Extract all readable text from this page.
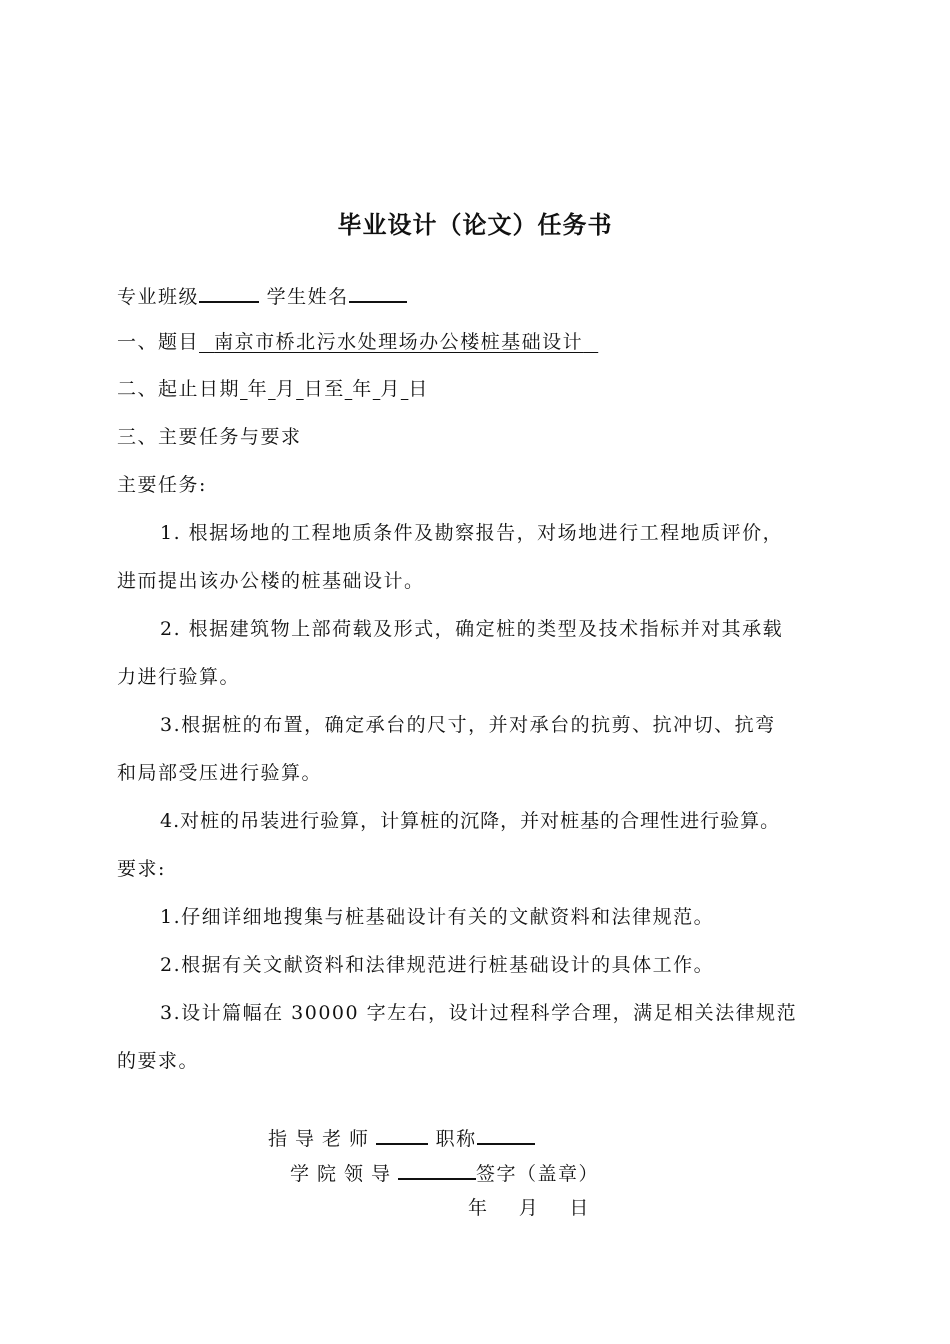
毕业设计（论文）任务书
专业班级	学生姓名
一、题目 南京市桥北污水处理场办公楼桩基础设计
二、起止日期 年 月 日至 年 月 日
三、主要任务与要求
主要任务:
1. 根据场地的工程地质条件及勘察报告，对场地进行工程地质评价，
进而提出该办公楼的桩基础设计。
2. 根据建筑物上部荷载及形式，确定桩的类型及技术指标并对其承载
力进行验算。
3.根据桩的布置，确定承台的尺寸，并对承台的抗剪、抗冲切、抗弯
和局部受压进行验算。
4.对桩的吊装进行验算，计算桩的沉降，并对桩基的合理性进行验算。
要求:
1.仔细详细地搜集与桩基础设计有关的文献资料和法律规范。
2.根据有关文献资料和法律规范进行桩基础设计的具体工作。
3.设计篇幅在 30000 字左右，设计过程科学合理，满足相关法律规范
的要求。
指导老师	职称
学院领导	签字（盖章）
年 月 日
